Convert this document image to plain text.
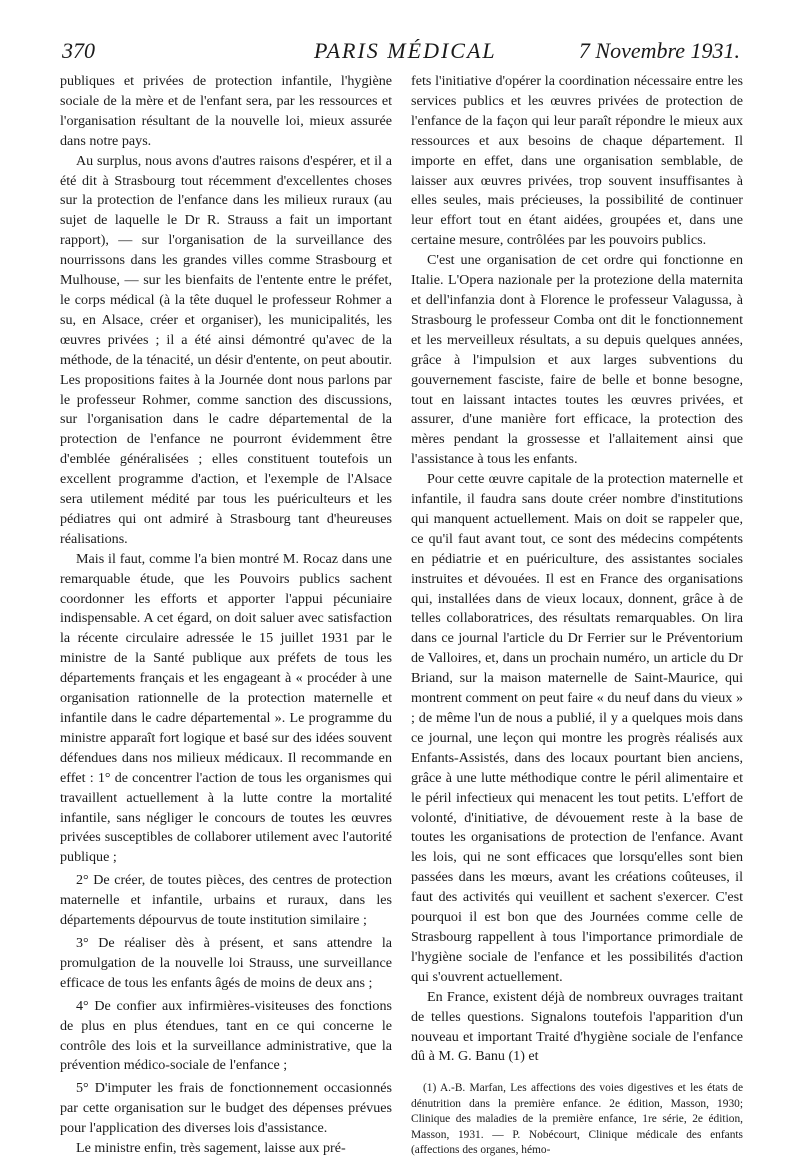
370	PARIS MÉDICAL	7 Novembre 1931.

publiques et privées de protection infantile, l'hygiène sociale de la mère et de l'enfant sera, par les ressources et l'organisation résultant de la nouvelle loi, mieux assurée dans notre pays.

Au surplus, nous avons d'autres raisons d'espérer, et il a été dit à Strasbourg tout récemment d'excellentes choses sur la protection de l'enfance dans les milieux ruraux (au sujet de laquelle le Dr R. Strauss a fait un important rapport), — sur l'organisation de la surveillance des nourrissons dans les grandes villes comme Strasbourg et Mulhouse, — sur les bienfaits de l'entente entre le préfet, le corps médical (à la tête duquel le professeur Rohmer a su, en Alsace, créer et organiser), les municipalités, les œuvres privées ; il a été ainsi démontré qu'avec de la méthode, de la ténacité, un désir d'entente, on peut aboutir. Les propositions faites à la Journée dont nous parlons par le professeur Rohmer, comme sanction des discussions, sur l'organisation dans le cadre départemental de la protection de l'enfance ne pourront évidemment être d'emblée généralisées ; elles constituent toutefois un excellent programme d'action, et l'exemple de l'Alsace sera utilement médité par tous les puériculteurs et les pédiatres qui ont admiré à Strasbourg tant d'heureuses réalisations.

Mais il faut, comme l'a bien montré M. Rocaz dans une remarquable étude, que les Pouvoirs publics sachent coordonner les efforts et apporter l'appui pécuniaire indispensable. A cet égard, on doit saluer avec satisfaction la récente circulaire adressée le 15 juillet 1931 par le ministre de la Santé publique aux préfets de tous les départements français et les engageant à « procéder à une organisation rationnelle de la protection maternelle et infantile dans le cadre départemental ». Le programme du ministre apparaît fort logique et basé sur des idées souvent défendues dans nos milieux médicaux. Il recommande en effet : 1° de concentrer l'action de tous les organismes qui travaillent actuellement à la lutte contre la mortalité infantile, sans négliger le concours de toutes les œuvres privées susceptibles de collaborer utilement avec l'autorité publique ;

2° De créer, de toutes pièces, des centres de protection maternelle et infantile, urbains et ruraux, dans les départements dépourvus de toute institution similaire ;

3° De réaliser dès à présent, et sans attendre la promulgation de la nouvelle loi Strauss, une surveillance efficace de tous les enfants âgés de moins de deux ans ;

4° De confier aux infirmières-visiteuses des fonctions de plus en plus étendues, tant en ce qui concerne le contrôle des lois et la surveillance administrative, que la prévention médico-sociale de l'enfance ;

5° D'imputer les frais de fonctionnement occasionnés par cette organisation sur le budget des dépenses prévues pour l'application des diverses lois d'assistance.

Le ministre enfin, très sagement, laisse aux pré-

fets l'initiative d'opérer la coordination nécessaire entre les services publics et les œuvres privées de protection de l'enfance de la façon qui leur paraît répondre le mieux aux ressources et aux besoins de chaque département. Il importe en effet, dans une organisation semblable, de laisser aux œuvres privées, trop souvent insuffisantes à elles seules, mais précieuses, la possibilité de continuer leur effort tout en étant aidées, groupées et, dans une certaine mesure, contrôlées par les pouvoirs publics.

C'est une organisation de cet ordre qui fonctionne en Italie. L'Opera nazionale per la protezione della maternita et dell'infanzia dont à Florence le professeur Valagussa, à Strasbourg le professeur Comba ont dit le fonctionnement et les merveilleux résultats, a su depuis quelques années, grâce à l'impulsion et aux larges subventions du gouvernement fasciste, faire de belle et bonne besogne, tout en laissant intactes toutes les œuvres privées, et assurer, d'une manière fort efficace, la protection des mères pendant la grossesse et l'allaitement ainsi que l'assistance à tous les enfants.

Pour cette œuvre capitale de la protection maternelle et infantile, il faudra sans doute créer nombre d'institutions qui manquent actuellement. Mais on doit se rappeler que, ce qu'il faut avant tout, ce sont des médecins compétents en pédiatrie et en puériculture, des assistantes sociales instruites et dévouées. Il est en France des organisations qui, installées dans de vieux locaux, donnent, grâce à de telles collaboratrices, des résultats remarquables. On lira dans ce journal l'article du Dr Ferrier sur le Préventorium de Valloires, et, dans un prochain numéro, un article du Dr Briand, sur la maison maternelle de Saint-Maurice, qui montrent comment on peut faire « du neuf dans du vieux » ; de même l'un de nous a publié, il y a quelques mois dans ce journal, une leçon qui montre les progrès réalisés aux Enfants-Assistés, dans des locaux pourtant bien anciens, grâce à une lutte méthodique contre le péril alimentaire et le péril infectieux qui menacent les tout petits. L'effort de volonté, d'initiative, de dévouement reste à la base de toutes les organisations de protection de l'enfance. Avant les lois, qui ne sont efficaces que lorsqu'elles sont bien passées dans les mœurs, avant les créations coûteuses, il faut des activités qui veuillent et sachent s'exercer. C'est pourquoi il est bon que des Journées comme celle de Strasbourg rappellent à tous l'importance primordiale de l'hygiène sociale de l'enfance et les possibilités d'action qui s'ouvrent actuellement.

En France, existent déjà de nombreux ouvrages traitant de telles questions. Signalons toutefois l'apparition d'un nouveau et important Traité d'hygiène sociale de l'enfance dû à M. G. Banu (1) et

(1) A.-B. Marfan, Les affections des voies digestives et les états de dénutrition dans la première enfance. 2e édition, Masson, 1930; Clinique des maladies de la première enfance, 1re série, 2e édition, Masson, 1931. — P. Nobécourt, Clinique médicale des enfants (affections des organes, hémo-
